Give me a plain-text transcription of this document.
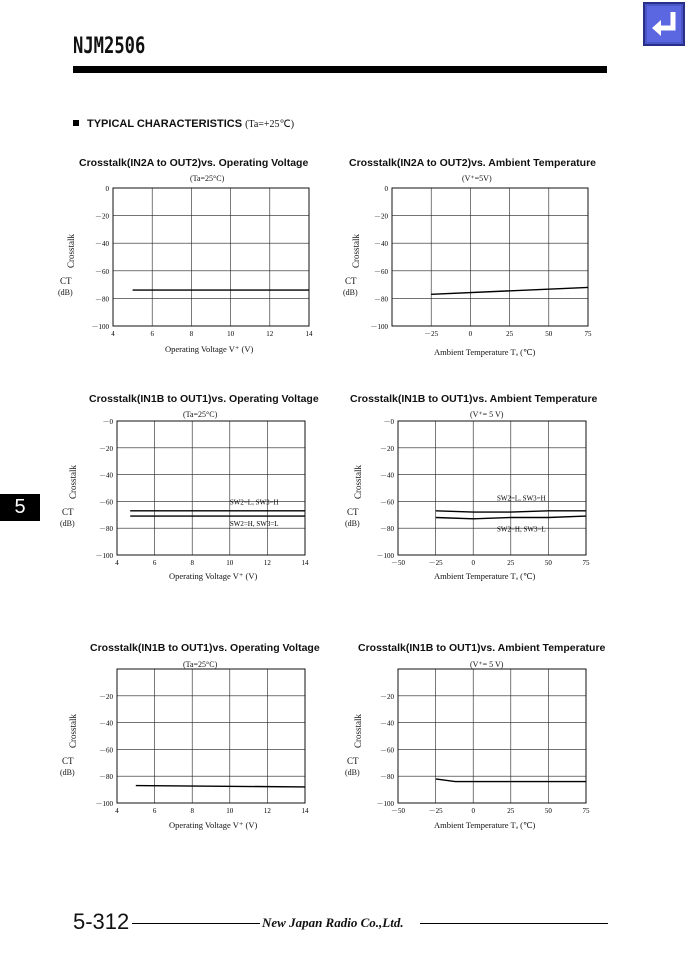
NJM2506
TYPICAL CHARACTERISTICS (Ta=+25℃)
5
Crosstalk(IN2A to OUT2)vs. Operating Voltage
(Ta=25°C)
Operating Voltage V⁺ (V)
4	6	8	10	12	14
0
－20
－40
－60
－80
－100
Crosstalk
CT
(dB)
Crosstalk(IN2A to OUT2)vs. Ambient Temperature
(V⁺=5V)
Ambient Temperature Tₐ (℃)
－25	0	25	50	75
0
－20
－40
－60
－80
－100
Crosstalk
CT
(dB)
Crosstalk(IN1B to OUT1)vs. Operating Voltage
(Ta=25°C)
Operating Voltage V⁺ (V)
4	6	8	10	12	14
－0
－20
－40
－60
－80
－100
SW2=L, SW3=H
SW2=H, SW3=L
Crosstalk
CT
(dB)
Crosstalk(IN1B to OUT1)vs. Ambient Temperature
(V⁺= 5 V)
Ambient Temperature Tₐ (℃)
－50	－25	0	25	50	75
－0
－20
－40
－60
－80
－100
SW2=L, SW3=H
SW2=H, SW3=L
Crosstalk
CT
(dB)
Crosstalk(IN1B to OUT1)vs. Operating Voltage
(Ta=25°C)
Operating Voltage V⁺ (V)
4	6	8	10	12	14
－20
－40
－60
－80
－100
Crosstalk
CT
(dB)
Crosstalk(IN1B to OUT1)vs. Ambient Temperature
(V⁺= 5 V)
Ambient Temperature Tₐ (℃)
－50	－25	0	25	50	75
－20
－40
－60
－80
－100
Crosstalk
CT
(dB)
5-312	New Japan Radio Co.,Ltd.
